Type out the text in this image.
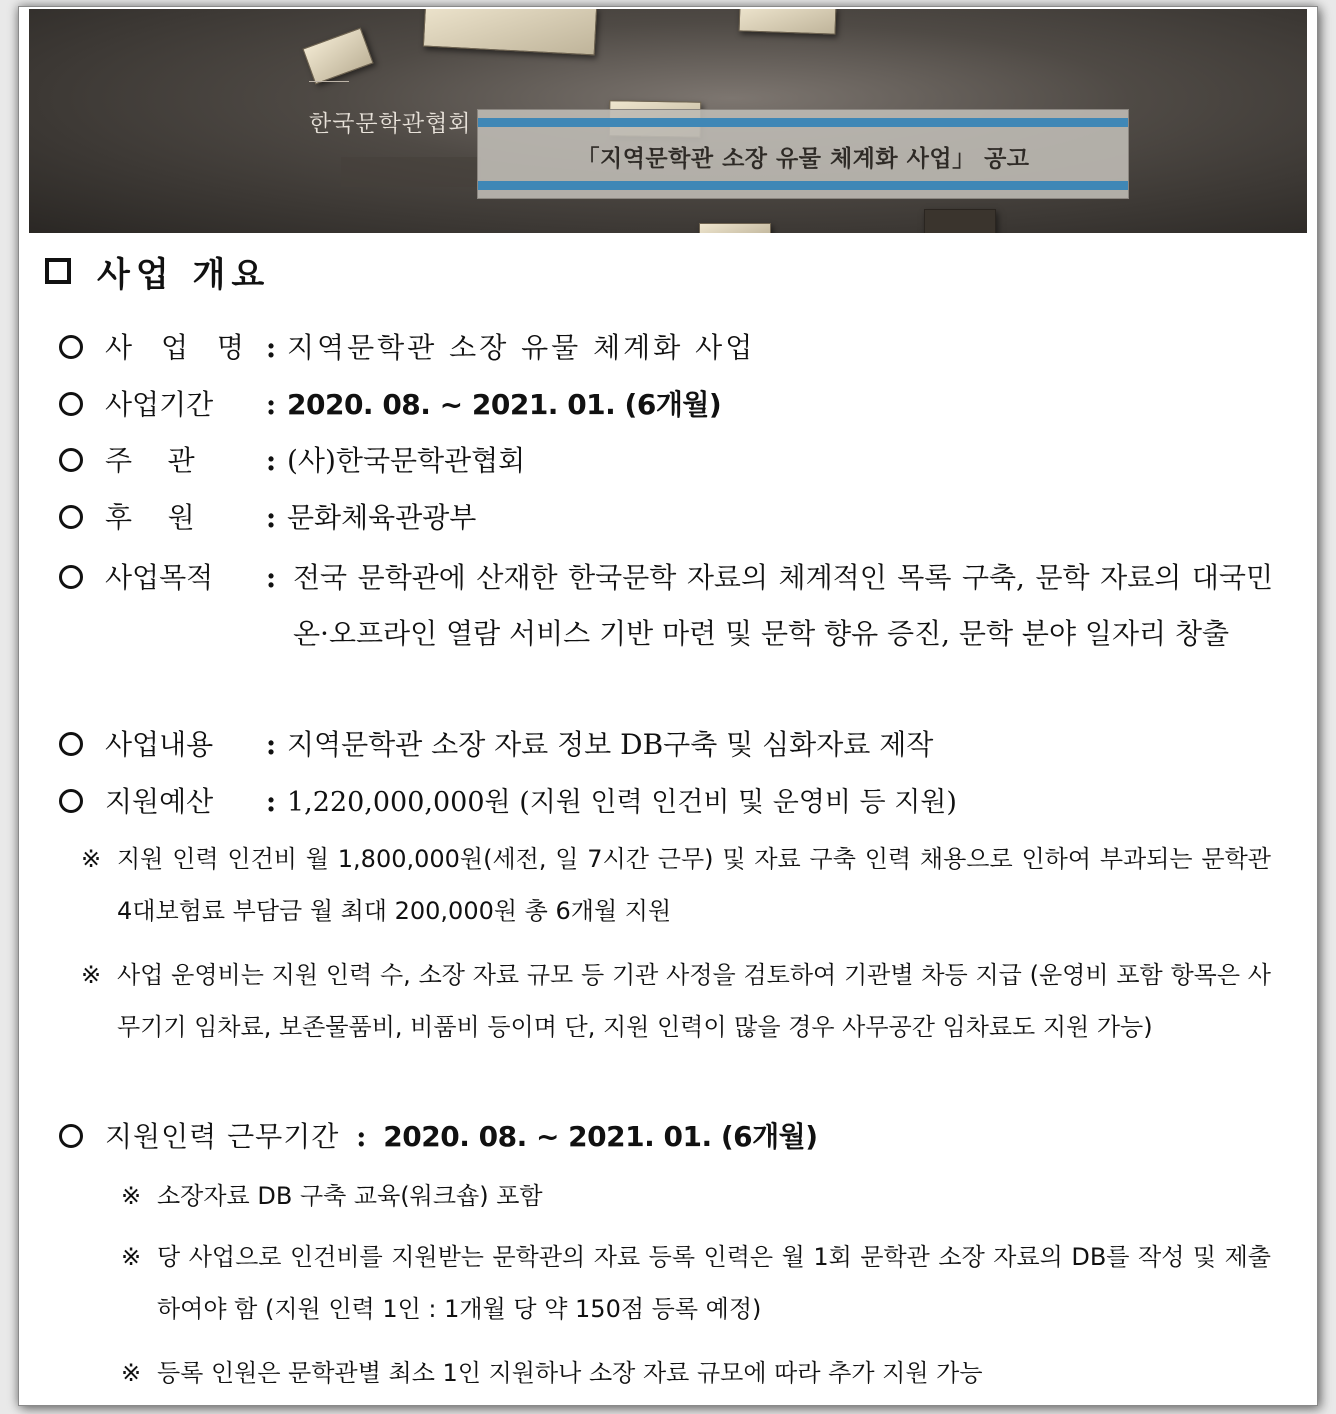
한국문학관협회
「지역문학관 소장 유물 체계화 사업」 공고
사업 개요
사 업 명 : 지역문학관 소장 유물 체계화 사업
사업기간 : 2020. 08. ~ 2021. 01. (6개월)
주    관	: (사)한국문학관협회
후    원	: 문화체육관광부
사업목적 : 전국 문학관에 산재한 한국문학 자료의 체계적인 목록 구축, 문학 자료의 대국민 온·오프라인 열람 서비스 기반 마련 및 문학 향유 증진, 문학 분야 일자리 창출
사업내용 : 지역문학관 소장 자료 정보 DB구축 및 심화자료 제작
지원예산 : 1,220,000,000원 (지원 인력 인건비 및 운영비 등 지원)
※ 지원 인력 인건비 월 1,800,000원(세전, 일 7시간 근무) 및 자료 구축 인력 채용으로 인하여 부과되는 문학관 4대보험료 부담금 월 최대 200,000원 총 6개월 지원
※ 사업 운영비는 지원 인력 수, 소장 자료 규모 등 기관 사정을 검토하여 기관별 차등 지급 (운영비 포함 항목은 사무기기 임차료, 보존물품비, 비품비 등이며 단, 지원 인력이 많을 경우 사무공간 임차료도 지원 가능)
지원인력 근무기간 : 2020. 08. ~ 2021. 01. (6개월)
※ 소장자료 DB 구축 교육(워크숍) 포함
※ 당 사업으로 인건비를 지원받는 문학관의 자료 등록 인력은 월 1회 문학관 소장 자료의 DB를 작성 및 제출하여야 함 (지원 인력 1인 : 1개월 당 약 150점 등록 예정)
※ 등록 인원은 문학관별 최소 1인 지원하나 소장 자료 규모에 따라 추가 지원 가능
